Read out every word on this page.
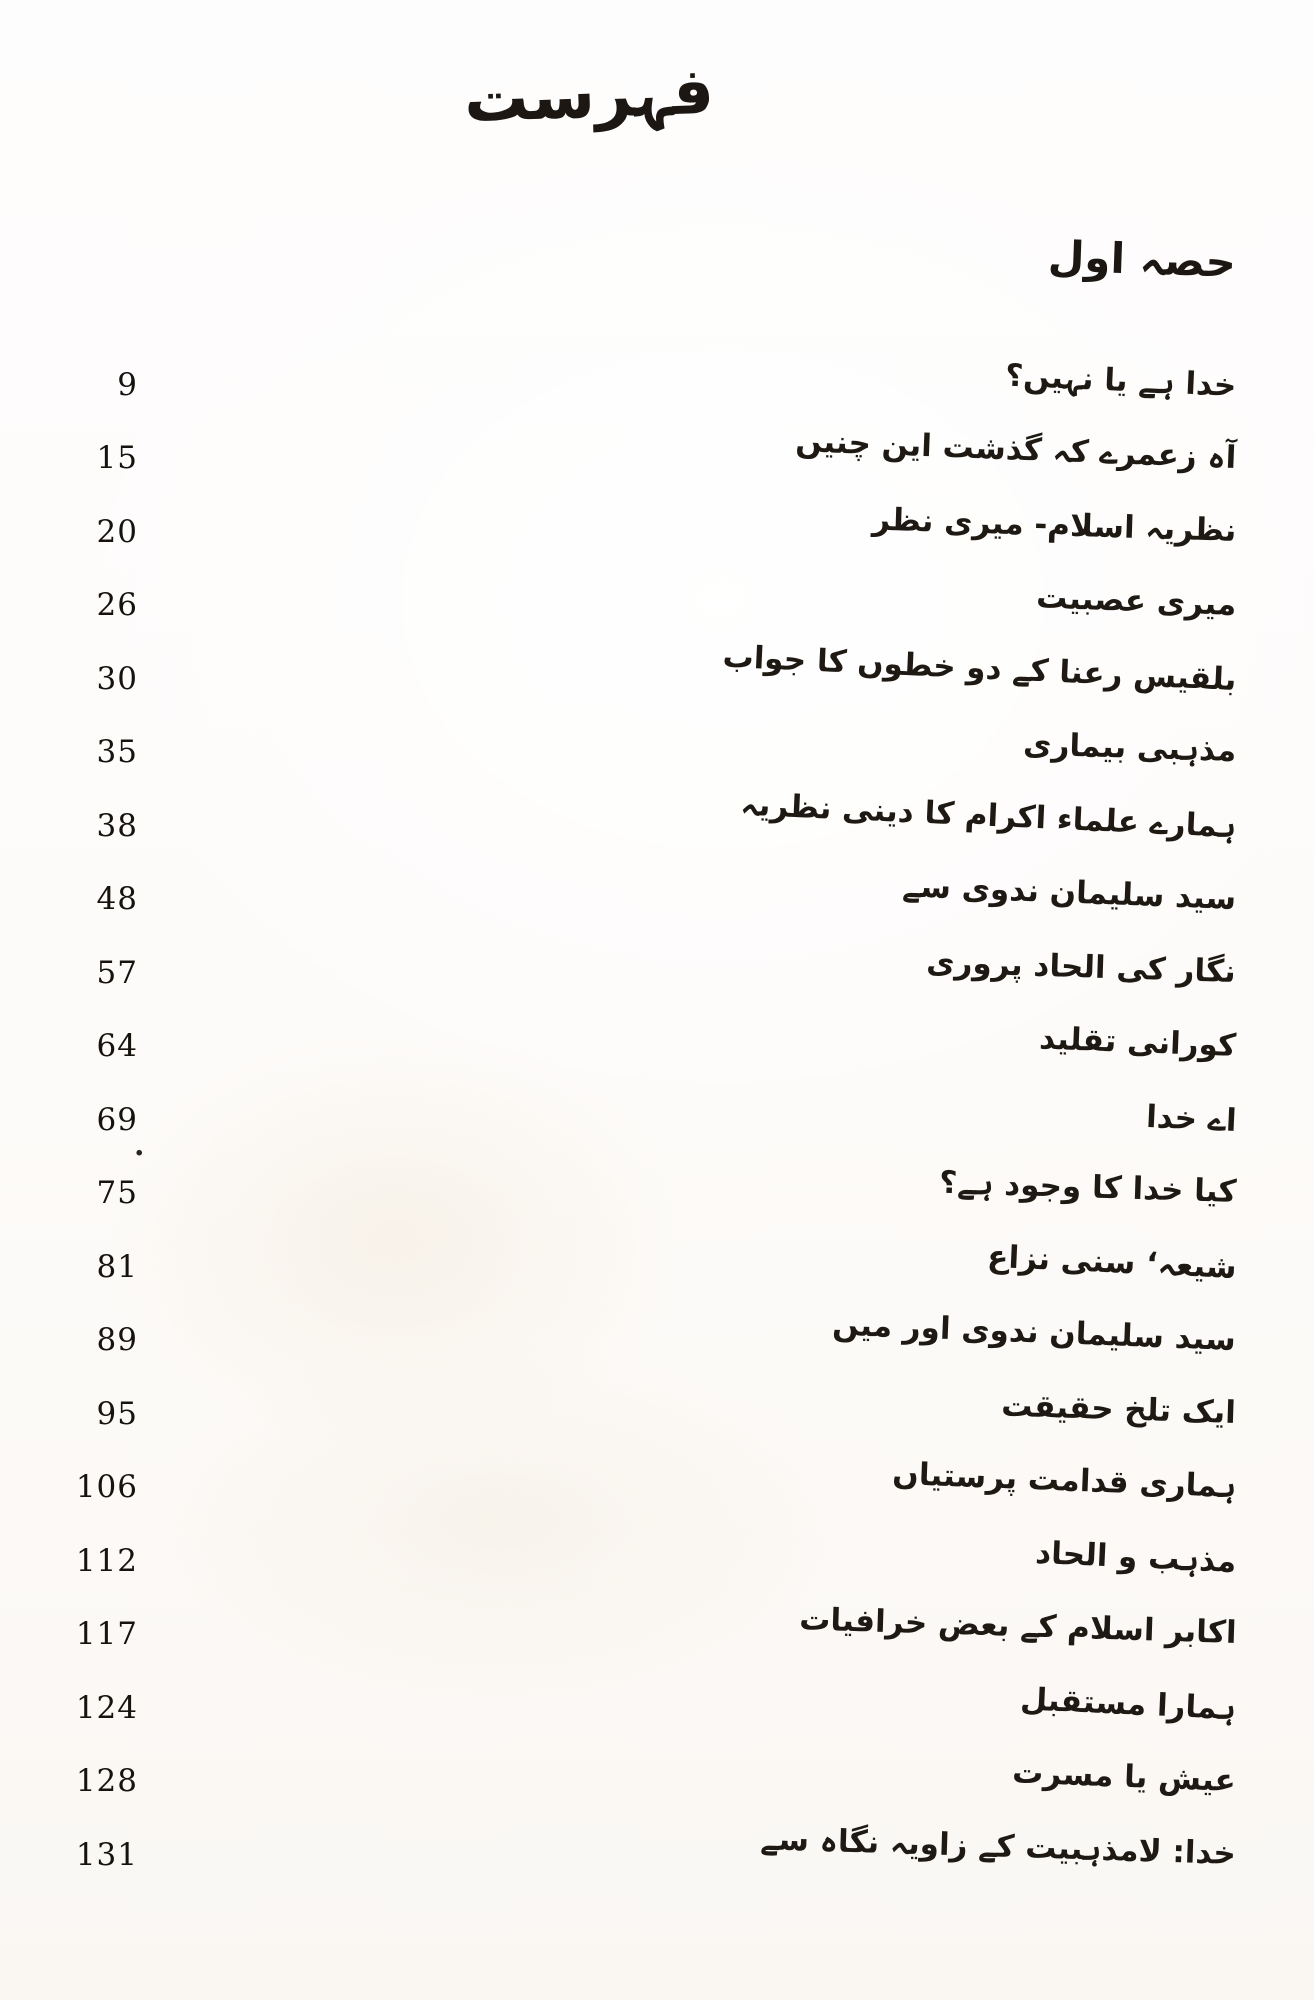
فہرست
حصہ اول
9	خدا ہے یا نہیں؟
15	آہ زعمرے کہ گذشت این چنیں
20	نظریہ اسلام- میری نظر
26	میری عصبیت
30	بلقیس رعنا کے دو خطوں کا جواب
35	مذہبی بیماری
38	ہمارے علماء اکرام کا دینی نظریہ
48	سید سلیمان ندوی سے
57	نگار کی الحاد پروری
64	کورانی تقلید
69	اے خدا
75	کیا خدا کا وجود ہے؟
81	شیعہ‘ سنی نزاع
89	سید سلیمان ندوی اور میں
95	ایک تلخ حقیقت
106	ہماری قدامت پرستیاں
112	مذہب و الحاد
117	اکابر اسلام کے بعض خرافیات
124	ہمارا مستقبل
128	عیش یا مسرت
131	خدا: لامذہبیت کے زاویہ نگاہ سے
.
